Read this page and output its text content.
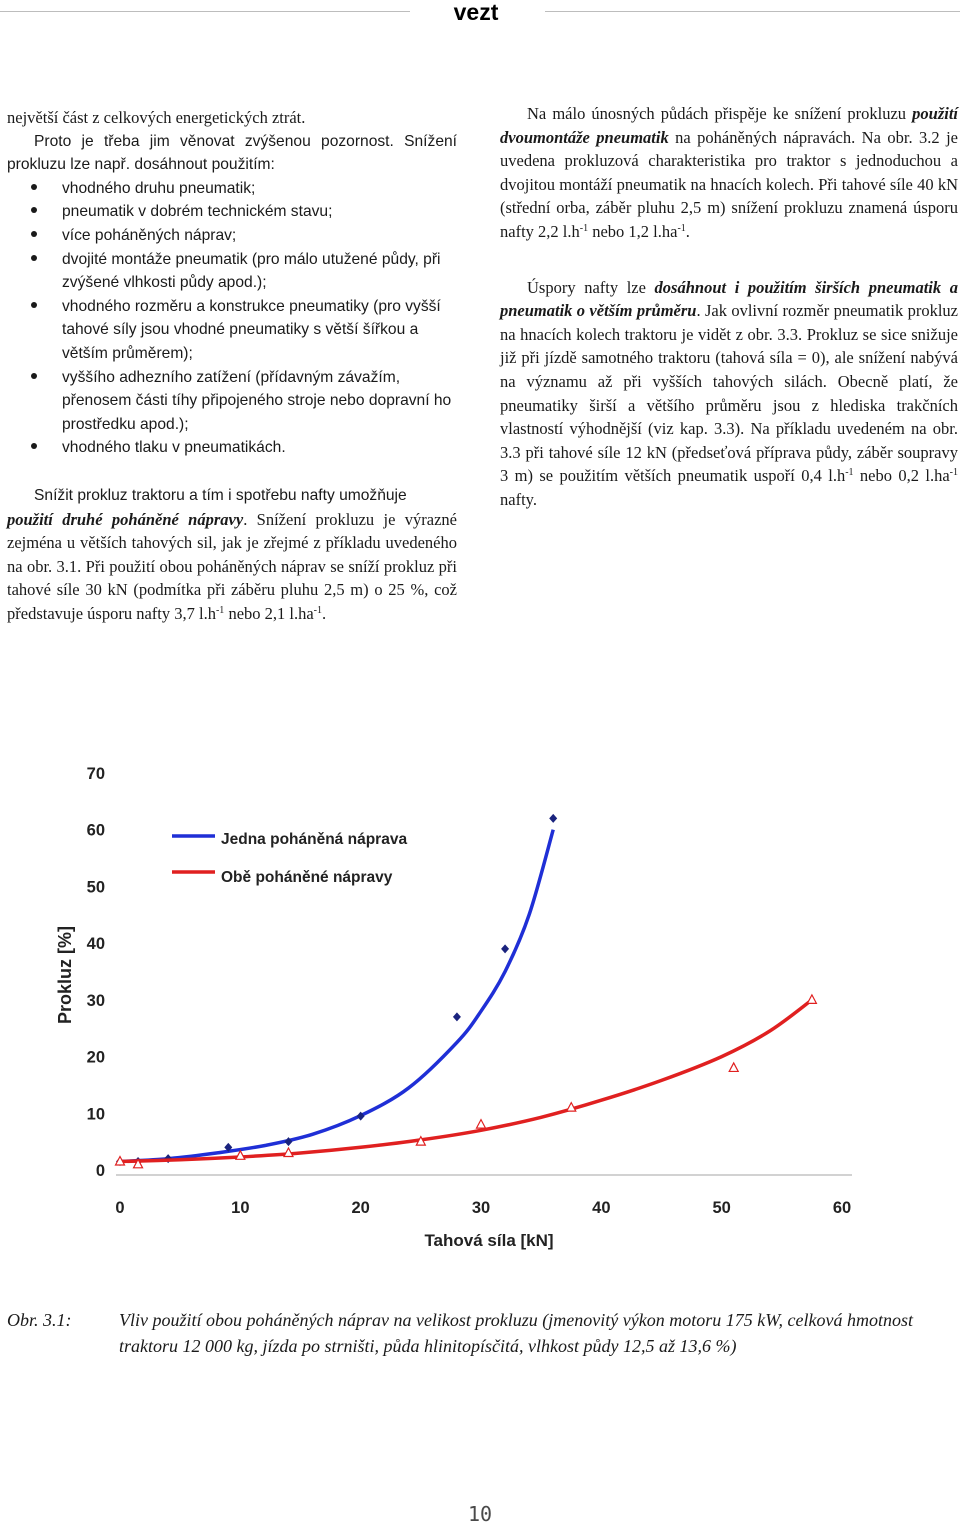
vezt

největší část z celkových energetických ztrát.

Proto je třeba jim věnovat zvýšenou pozornost. Snížení prokluzu lze např. dosáhnout použitím:

vhodného druhu pneumatik;

pneumatik v dobrém technickém stavu;

více poháněných náprav;

dvojité montáže pneumatik (pro málo utužené půdy, při zvýšené vlhkosti půdy apod.);

vhodného rozměru a konstrukce pneumatiky (pro vyšší tahové síly jsou vhodné pneumatiky s větší šířkou a větším průměrem);

vyššího adhezního zatížení (přídavným závažím, přenosem části tíhy připojeného stroje nebo dopravní ho prostředku apod.);

vhodného tlaku v pneumatikách.

Snížit prokluz traktoru a tím i spotřebu nafty umožňuje
použití druhé poháněné nápravy. Snížení prokluzu je výrazné zejména u větších tahových sil, jak je zřejmé z příkladu uvedeného na obr. 3.1. Při použití obou poháněných náprav se sníží prokluz při tahové síle 30 kN (podmítka při záběru pluhu 2,5 m) o 25 %, což představuje úsporu nafty 3,7 $l.h^{-1}$ nebo 2,1 $l.ha^{-1}$.

Na málo únosných půdách přispěje ke snížení prokluzu použití dvoumontáže pneumatik na poháněných nápravách. Na obr. 3.2 je uvedena prokluzová charakteristika pro traktor s jednoduchou a dvojitou montáží pneumatik na hnacích kolech. Při tahové síle 40 kN (střední orba, záběr pluhu 2,5 m) snížení prokluzu znamená úsporu nafty 2,2 $l.h^{-1}$ nebo 1,2 $l.ha^{-1}$.

Úspory nafty lze dosáhnout i použitím širších pneumatik a pneumatik o větším průměru. Jak ovlivní rozměr pneumatik prokluz na hnacích kolech traktoru je vidět z obr. 3.3. Prokluz se sice snižuje již při jízdě samotného traktoru (tahová síla = 0), ale snížení nabývá na významu až při vyšších tahových silách. Obecně platí, že pneumatiky širší a většího průměru jsou z hlediska trakčních vlastností výhodnější (viz kap. 3.3). Na příkladu uvedeném na obr. 3.3 při tahové síle 12 kN (předseťová příprava půdy, záběr soupravy 3 m) se použitím větších pneumatik uspoří 0,4 $l.h^{-1}$ nebo 0,2 $l.ha^{-1}$ nafty.

0
10
20
30
40
50
60
70
0	10	20	30	40	50	60
Tahová síla [kN]
Prokluz [%]
Jedna poháněná náprava
Obě poháněné nápravy
Obr. 3.1:	Vliv použití obou poháněných náprav na velikost prokluzu (jmenovitý výkon motoru 175 kW, celková hmotnost traktoru 12 000 kg, jízda po strništi, půda hlinitopísčitá, vlhkost půdy 12,5 až 13,6 %)
10
